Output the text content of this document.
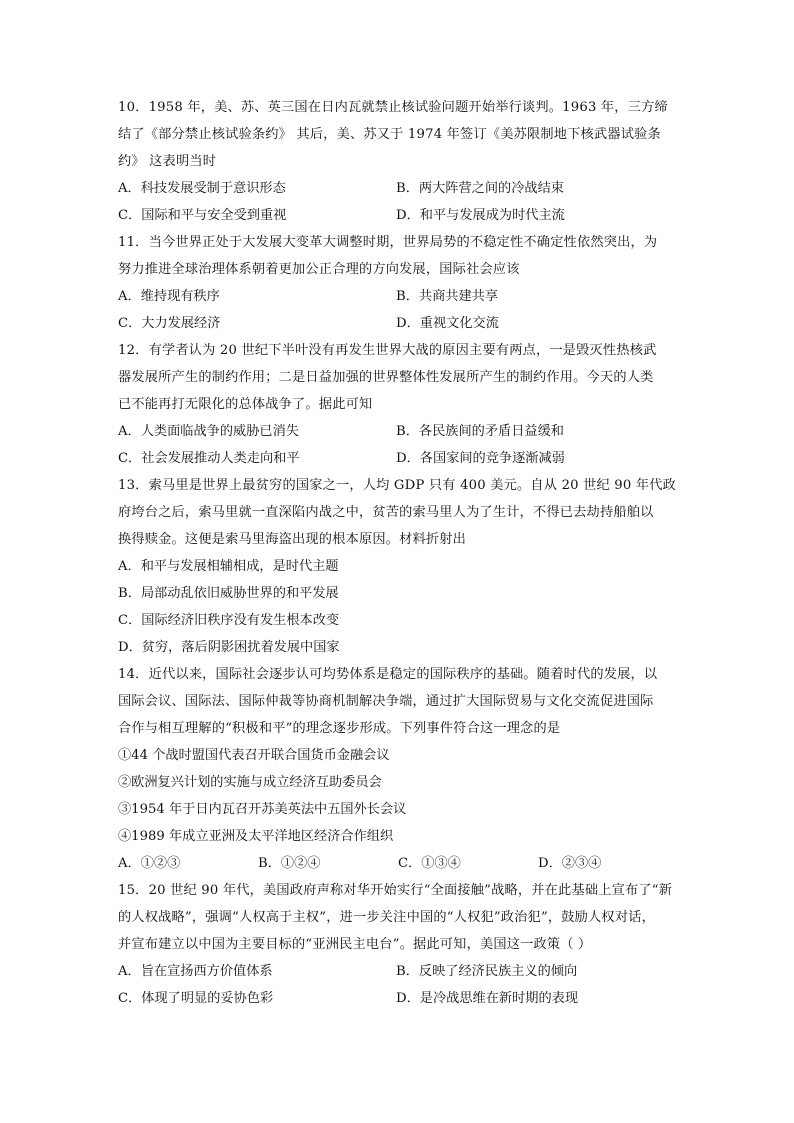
10．1958 年，美、苏、英三国在日内瓦就禁止核试验问题开始举行谈判。1963 年，三方缔
结了《部分禁止核试验条约》 其后，美、苏又于 1974 年签订《美苏限制地下核武器试验条
约》 这表明当时
A．科技发展受制于意识形态	B．两大阵营之间的冷战结束
C．国际和平与安全受到重视	D．和平与发展成为时代主流
11．当今世界正处于大发展大变革大调整时期，世界局势的不稳定性不确定性依然突出，为
努力推进全球治理体系朝着更加公正合理的方向发展，国际社会应该
A．维持现有秩序	B．共商共建共享
C．大力发展经济	D．重视文化交流
12．有学者认为 20 世纪下半叶没有再发生世界大战的原因主要有两点，一是毁灭性热核武
器发展所产生的制约作用；二是日益加强的世界整体性发展所产生的制约作用。今天的人类
已不能再打无限化的总体战争了。据此可知
A．人类面临战争的威胁已消失	B．各民族间的矛盾日益缓和
C．社会发展推动人类走向和平	D．各国家间的竞争逐渐减弱
13．索马里是世界上最贫穷的国家之一，人均 GDP 只有 400 美元。自从 20 世纪 90 年代政
府垮台之后，索马里就一直深陷内战之中，贫苦的索马里人为了生计，不得已去劫持船舶以
换得赎金。这便是索马里海盗出现的根本原因。材料折射出
A．和平与发展相辅相成，是时代主题
B．局部动乱依旧威胁世界的和平发展
C．国际经济旧秩序没有发生根本改变
D．贫穷，落后阴影困扰着发展中国家
14．近代以来，国际社会逐步认可均势体系是稳定的国际秩序的基础。随着时代的发展，以
国际会议、国际法、国际仲裁等协商机制解决争端，通过扩大国际贸易与文化交流促进国际
合作与相互理解的“积极和平”的理念逐步形成。下列事件符合这一理念的是
①44 个战时盟国代表召开联合国货币金融会议
②欧洲复兴计划的实施与成立经济互助委员会
③1954 年于日内瓦召开苏美英法中五国外长会议
④1989 年成立亚洲及太平洋地区经济合作组织
A．①②③	B．①②④	C．①③④	D．②③④
15．20 世纪 90 年代，美国政府声称对华开始实行“全面接触”战略，并在此基础上宣布了“新
的人权战略”，强调“人权高于主权”，进一步关注中国的“人权犯”政治犯”，鼓励人权对话，
并宣布建立以中国为主要目标的“亚洲民主电台”。据此可知，美国这一政策（ ）
A．旨在宣扬西方价值体系	B．反映了经济民族主义的倾向
C．体现了明显的妥协色彩	D．是冷战思维在新时期的表现
